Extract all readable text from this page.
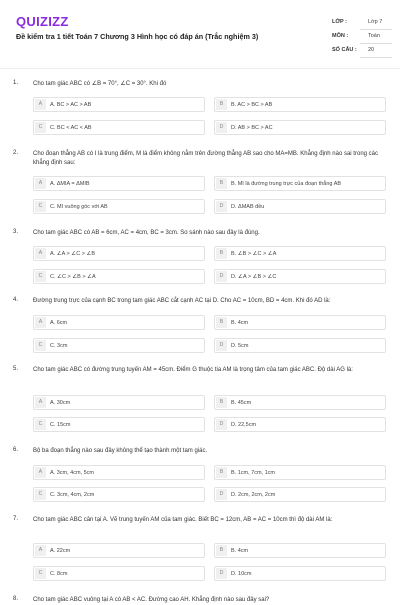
QUIZIZZ
Đề kiểm tra 1 tiết Toán 7 Chương 3 Hình học có đáp án (Trắc nghiệm 3)
LỚP :	Lớp 7
MÔN :	Toán
SỐ CÂU : 20
1. Cho tam giác ABC có ∠B = 70°, ∠C = 30°. Khi đó
A	A. BC > AC > AB	B	B. AC > BC > AB
C	C. BC < AC < AB	D	D. AB > BC > AC
2. Cho đoạn thẳng AB có I là trung điểm, M là điểm không nằm trên đường thẳng AB sao cho MA=MB. Khẳng định nào sai trong các khẳng định sau:
A	A. ΔMIA = ΔMIB	B	B. MI là đường trung trực của đoạn thẳng AB
C	C. MI vuông góc với AB	D	D. ΔMAB đều
3. Cho tam giác ABC có AB = 6cm, AC = 4cm, BC = 3cm. So sánh nào sau đây là đúng.
A	A. ∠A > ∠C > ∠B	B	B. ∠B > ∠C > ∠A
C	C. ∠C > ∠B > ∠A	D	D. ∠A > ∠B > ∠C
4. Đường trung trực của cạnh BC trong tam giác ABC cắt cạnh AC tại D. Cho AC = 10cm, BD = 4cm. Khi đó AD là:
A	A. 6cm	B	B. 4cm
C	C. 3cm	D	D. 5cm
5. Cho tam giác ABC có đường trung tuyến AM = 45cm. Điểm G thuộc tia AM là trọng tâm của tam giác ABC. Độ dài AG là:
A	A. 30cm	B	B. 45cm
C	C. 15cm	D	D. 22,5cm
6. Bộ ba đoạn thẳng nào sau đây không thể tạo thành một tam giác.
A	A. 3cm, 4cm, 5cm	B	B. 1cm, 7cm, 1cm
C	C. 3cm, 4cm, 2cm	D	D. 2cm, 2cm, 2cm
7. Cho tam giác ABC cân tại A. Vẽ trung tuyến AM của tam giác. Biết BC = 12cm, AB = AC = 10cm thì độ dài AM là:
A	A. 22cm	B	B. 4cm
C	C. 8cm	D	D. 10cm
8. Cho tam giác ABC vuông tại A có AB < AC. Đường cao AH. Khẳng định nào sau đây sai?
